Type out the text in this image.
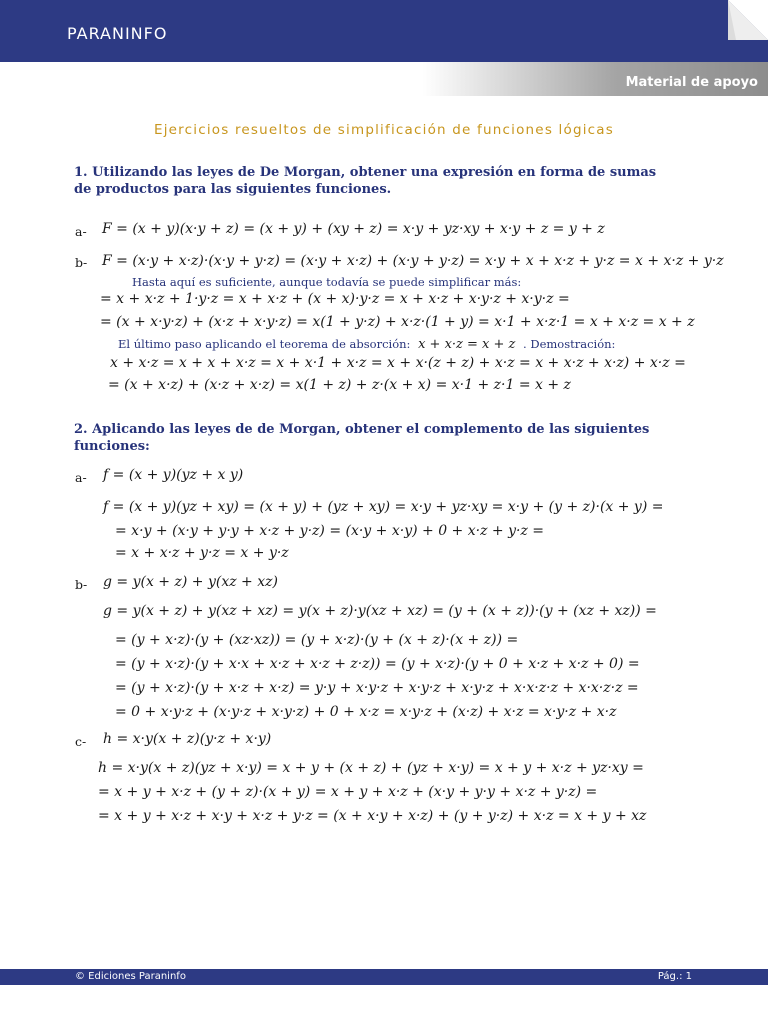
PARANINFO
Material de apoyo
Ejercicios resueltos de simplificación de funciones lógicas
1. Utilizando las leyes de De Morgan, obtener una expresión en forma de sumas de productos para las siguientes funciones.
a- F = (x + y)(x·y + z) = (x + y) + (xy + z) = x·y + yz·xy + x·y + z = y + z
b- F = (x·y + x·z)·(x·y + y·z) = (x·y + x·z) + (x·y + y·z) = x·y + x + x·z + y·z = x + x·z + y·z
Hasta aquí es suficiente, aunque todavía se puede simplificar más:
= x + x·z + 1·y·z = x + x·z + (x + x)·y·z = x + x·z + x·y·z + x·y·z =
= (x + x·y·z) + (x·z + x·y·z) = x(1 + y·z) + x·z·(1 + y) = x·1 + x·z·1 = x + x·z = x + z
El último paso aplicando el teorema de absorción: x + x·z = x + z . Demostración:
x + x·z = x + x + x·z = x + x·1 + x·z = x + x·(z + z) + x·z = x + x·z + x·z) + x·z =
= (x + x·z) + (x·z + x·z) = x(1 + z) + z·(x + x) = x·1 + z·1 = x + z
2. Aplicando las leyes de de Morgan, obtener el complemento de las siguientes funciones:
a- f = (x + y)(yz + x y)
f = (x + y)(yz + xy) = (x + y) + (yz + xy) = x·y + yz·xy = x·y + (y + z)·(x + y) =
= x·y + (x·y + y·y + x·z + y·z) = (x·y + x·y) + 0 + x·z + y·z =
= x + x·z + y·z = x + y·z
b- g = y(x + z) + y(xz + xz)
g = y(x + z) + y(xz + xz) = y(x + z)·y(xz + xz) = (y + (x + z))·(y + (xz + xz)) =
= (y + x·z)·(y + (xz·xz)) = (y + x·z)·(y + (x + z)·(x + z)) =
= (y + x·z)·(y + x·x + x·z + x·z + z·z)) = (y + x·z)·(y + 0 + x·z + x·z + 0) =
= (y + x·z)·(y + x·z + x·z) = y·y + x·y·z + x·y·z + x·y·z + x·x·z·z + x·x·z·z =
= 0 + x·y·z + (x·y·z + x·y·z) + 0 + x·z = x·y·z + (x·z) + x·z = x·y·z + x·z
c- h = x·y(x + z)(y·z + x·y)
h = x·y(x + z)(yz + x·y) = x + y + (x + z) + (yz + x·y) = x + y + x·z + yz·xy =
= x + y + x·z + (y + z)·(x + y) = x + y + x·z + (x·y + y·y + x·z + y·z) =
= x + y + x·z + x·y + x·z + y·z = (x + x·y + x·z) + (y + y·z) + x·z = x + y + xz
© Ediciones Paraninfo	Pág.: 1
